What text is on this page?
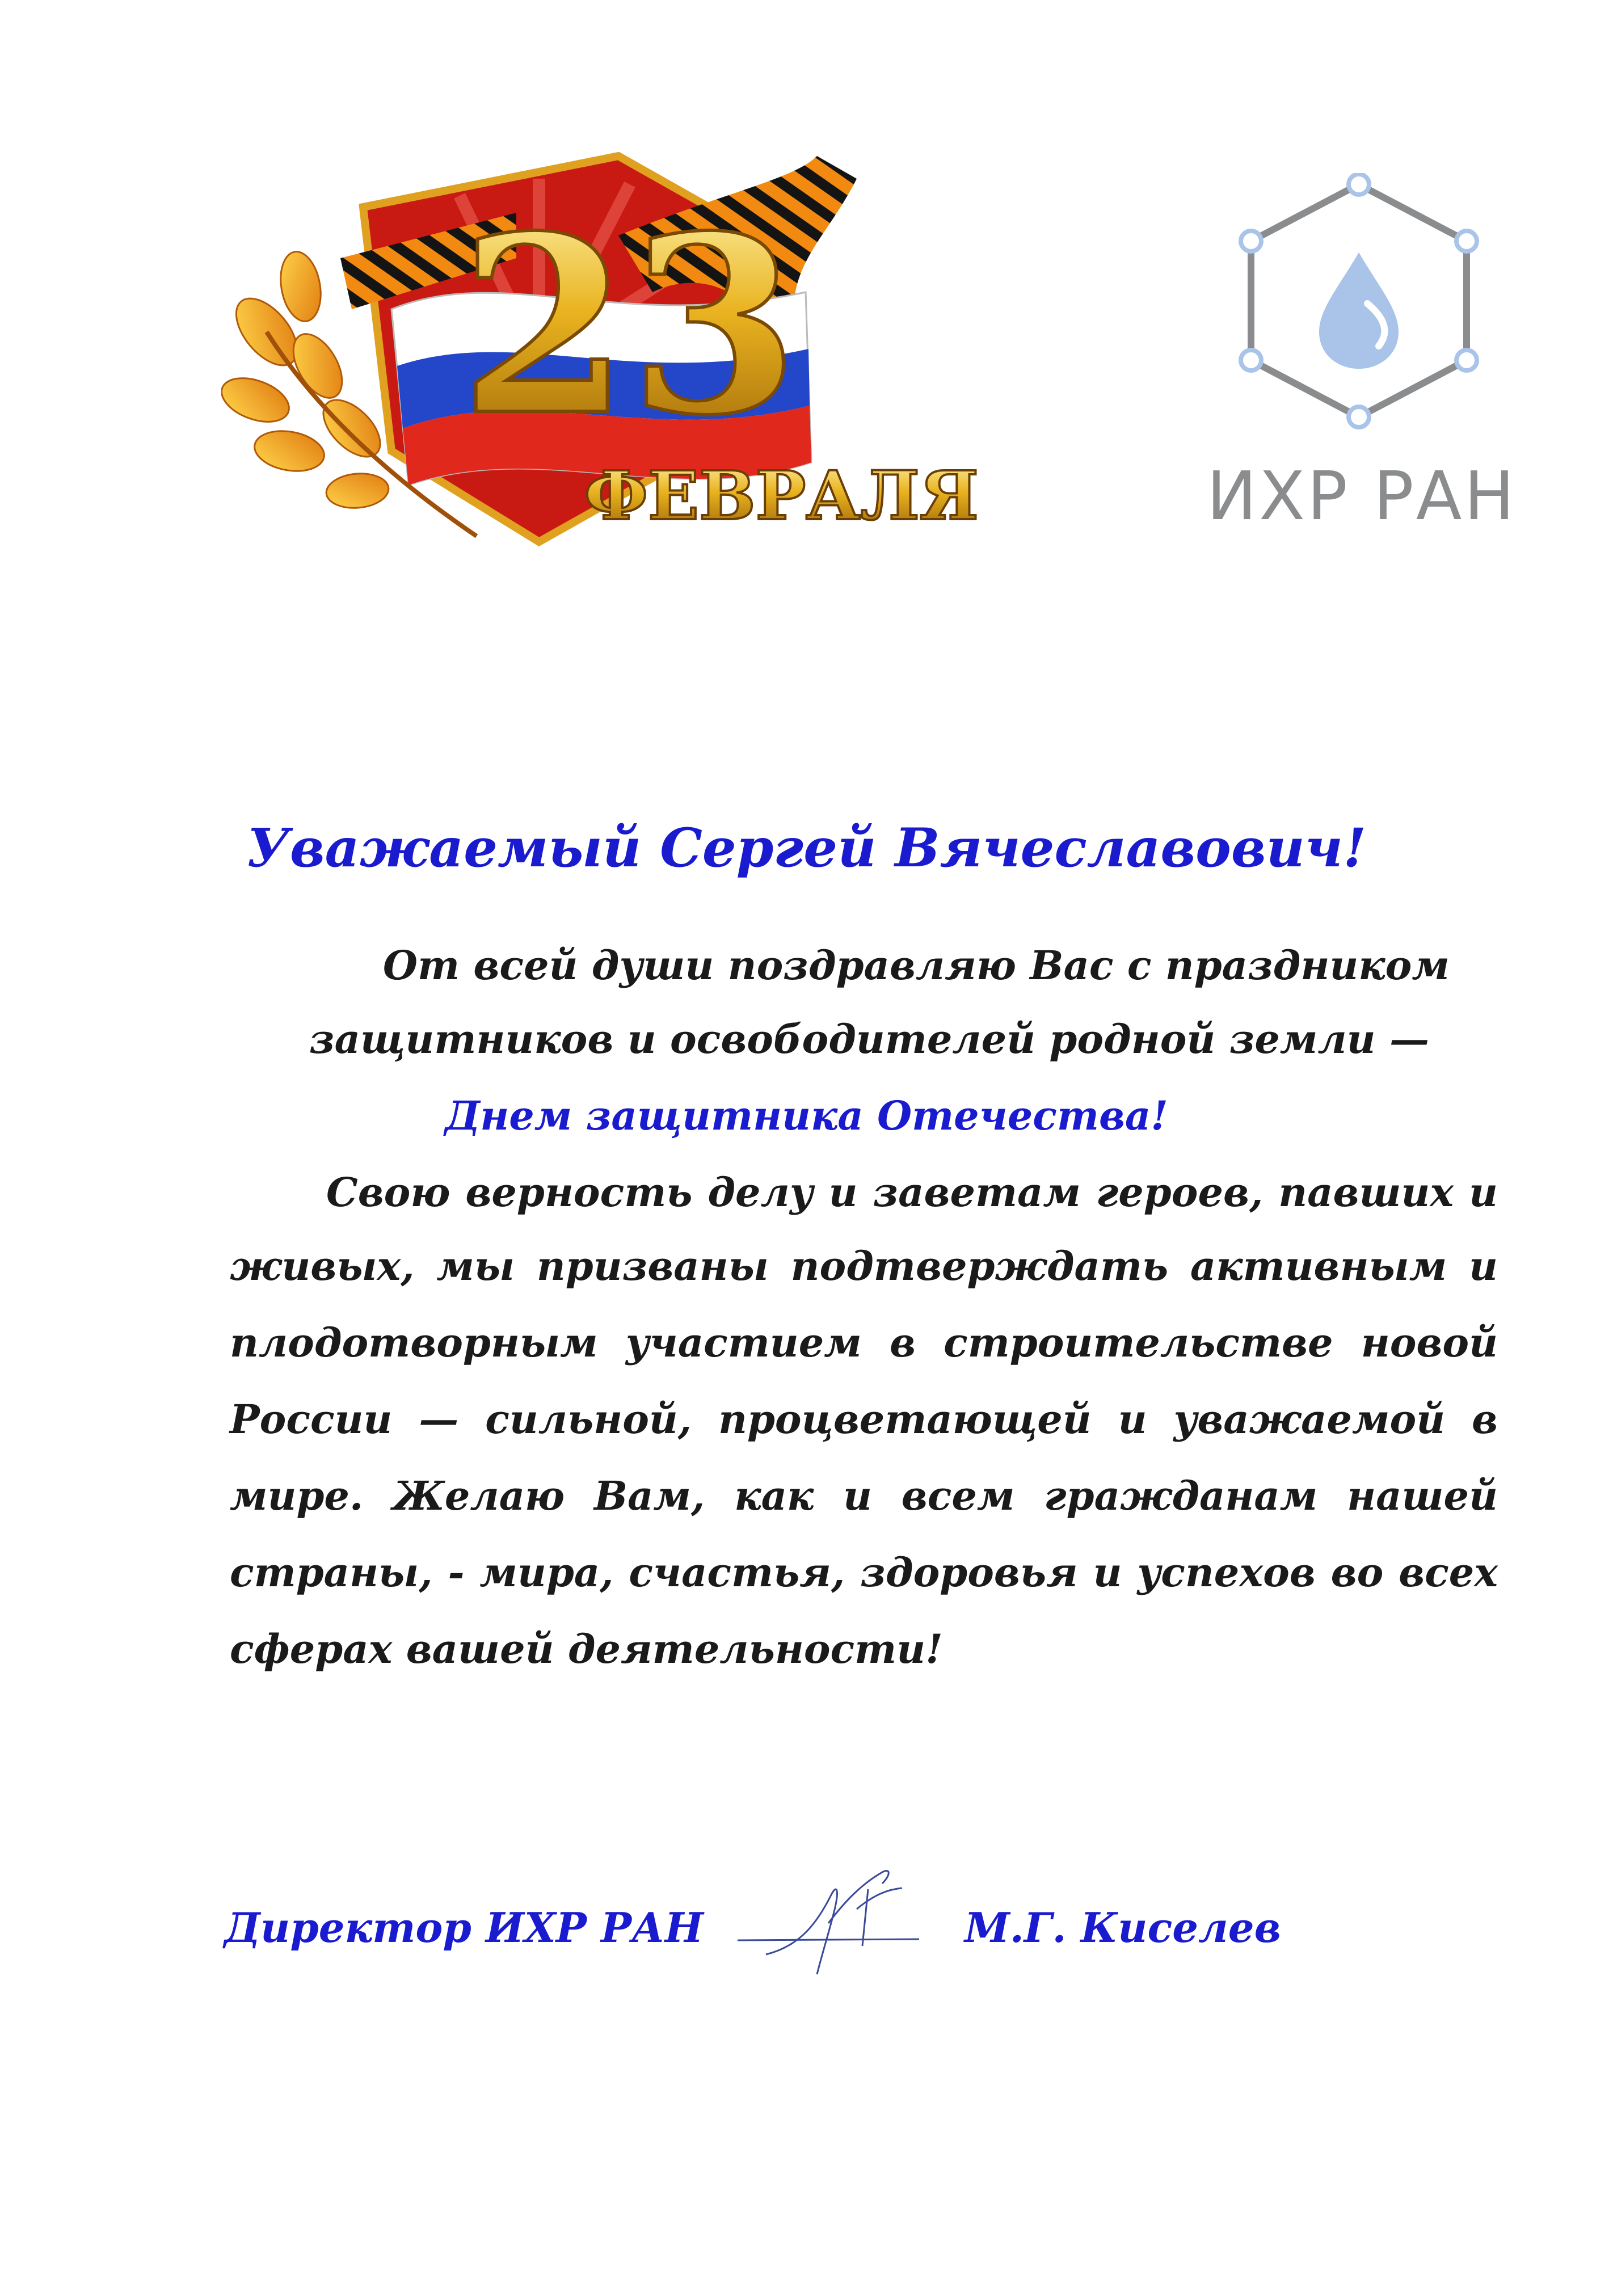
23
ФЕВРАЛЯ	ИХР РАН
Уважаемый Сергей Вячеславович!
От всей души поздравляю Вас с праздником
защитников и освободителей родной земли —
Днем защитника Отечества!
Свою верность делу и заветам героев, павших и
живых, мы призваны подтверждать активным и
плодотворным участием в строительстве новой
России — сильной, процветающей и уважаемой в
мире. Желаю Вам, как и всем гражданам нашей
страны, - мира, счастья, здоровья и успехов во всех
сферах вашей деятельности!
Директор ИХР РАН	М.Г. Киселев
